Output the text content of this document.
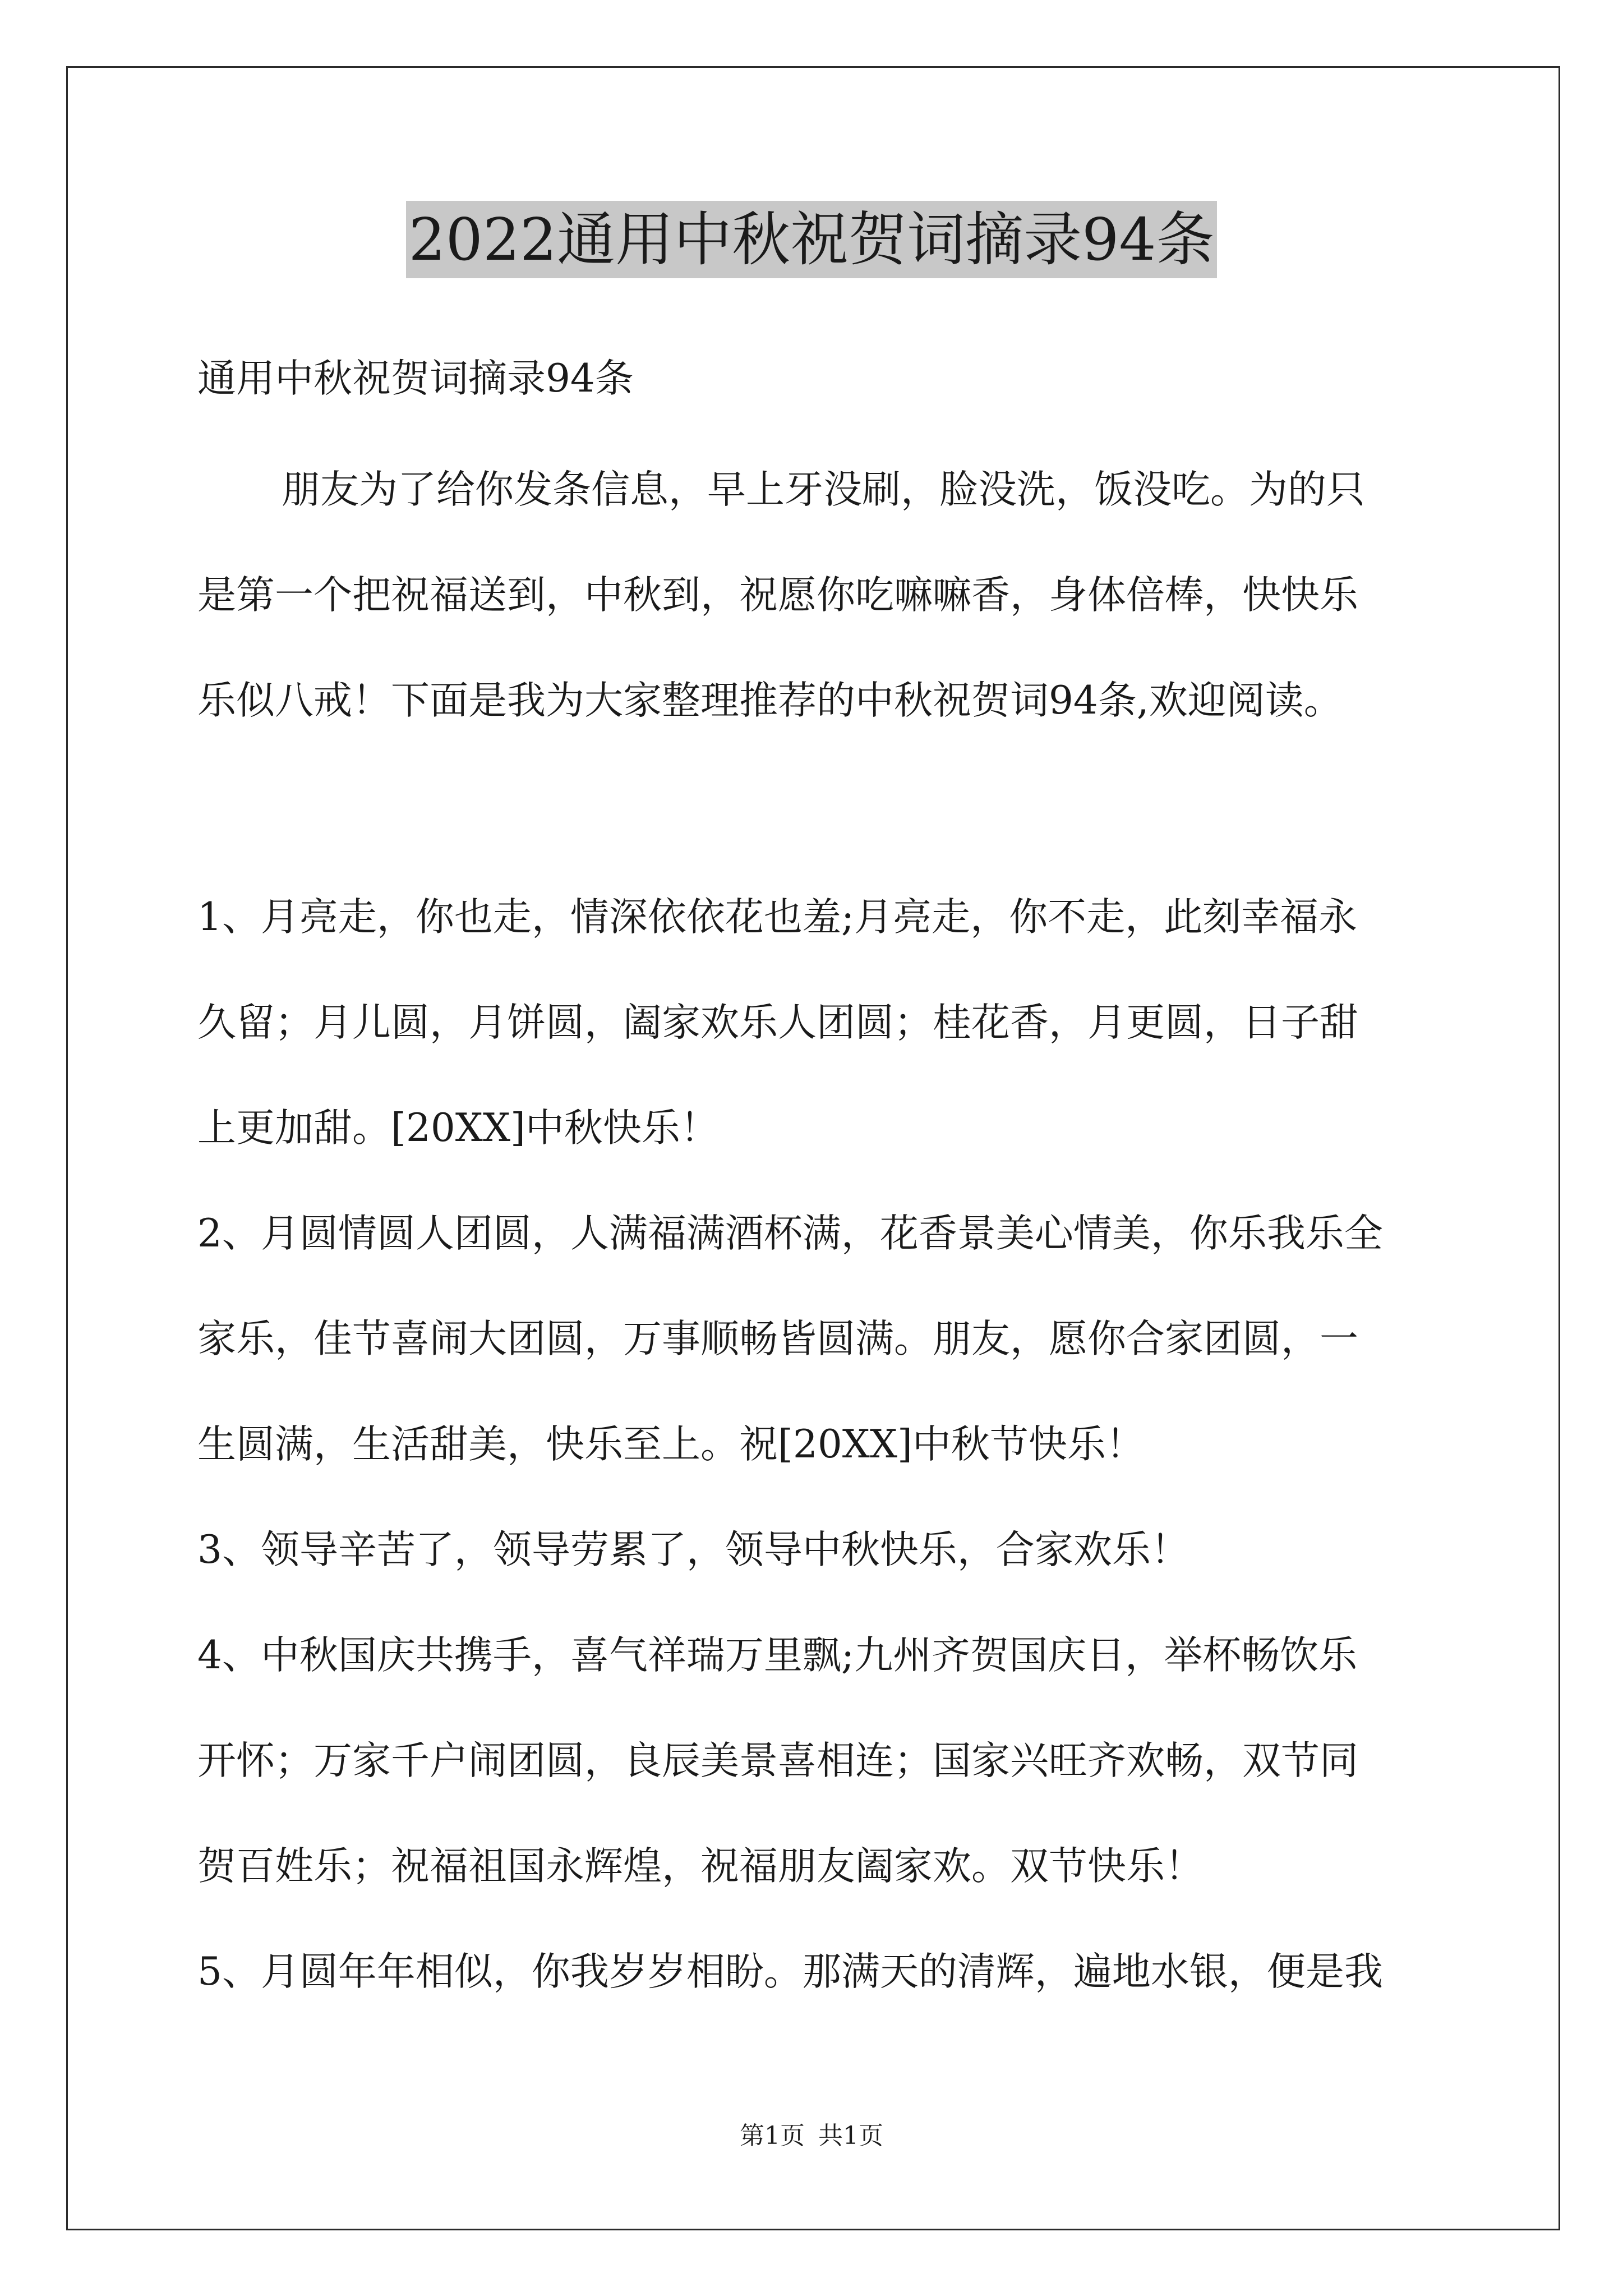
2022通用中秋祝贺词摘录94条
通用中秋祝贺词摘录94条
朋友为了给你发条信息，早上牙没刷，脸没洗，饭没吃。为的只
是第一个把祝福送到，中秋到，祝愿你吃嘛嘛香，身体倍棒，快快乐
乐似八戒！下面是我为大家整理推荐的中秋祝贺词94条,欢迎阅读。
1、月亮走，你也走，情深依依花也羞;月亮走，你不走，此刻幸福永
久留；月儿圆，月饼圆，阖家欢乐人团圆；桂花香，月更圆，日子甜
上更加甜。[20XX]中秋快乐！
2、月圆情圆人团圆，人满福满酒杯满，花香景美心情美，你乐我乐全
家乐，佳节喜闹大团圆，万事顺畅皆圆满。朋友，愿你合家团圆，一
生圆满，生活甜美，快乐至上。祝[20XX]中秋节快乐！
3、领导辛苦了，领导劳累了，领导中秋快乐，合家欢乐！
4、中秋国庆共携手，喜气祥瑞万里飘;九州齐贺国庆日，举杯畅饮乐
开怀；万家千户闹团圆，良辰美景喜相连；国家兴旺齐欢畅，双节同
贺百姓乐；祝福祖国永辉煌，祝福朋友阖家欢。双节快乐！
5、月圆年年相似，你我岁岁相盼。那满天的清辉，遍地水银，便是我
第1页 共1页
